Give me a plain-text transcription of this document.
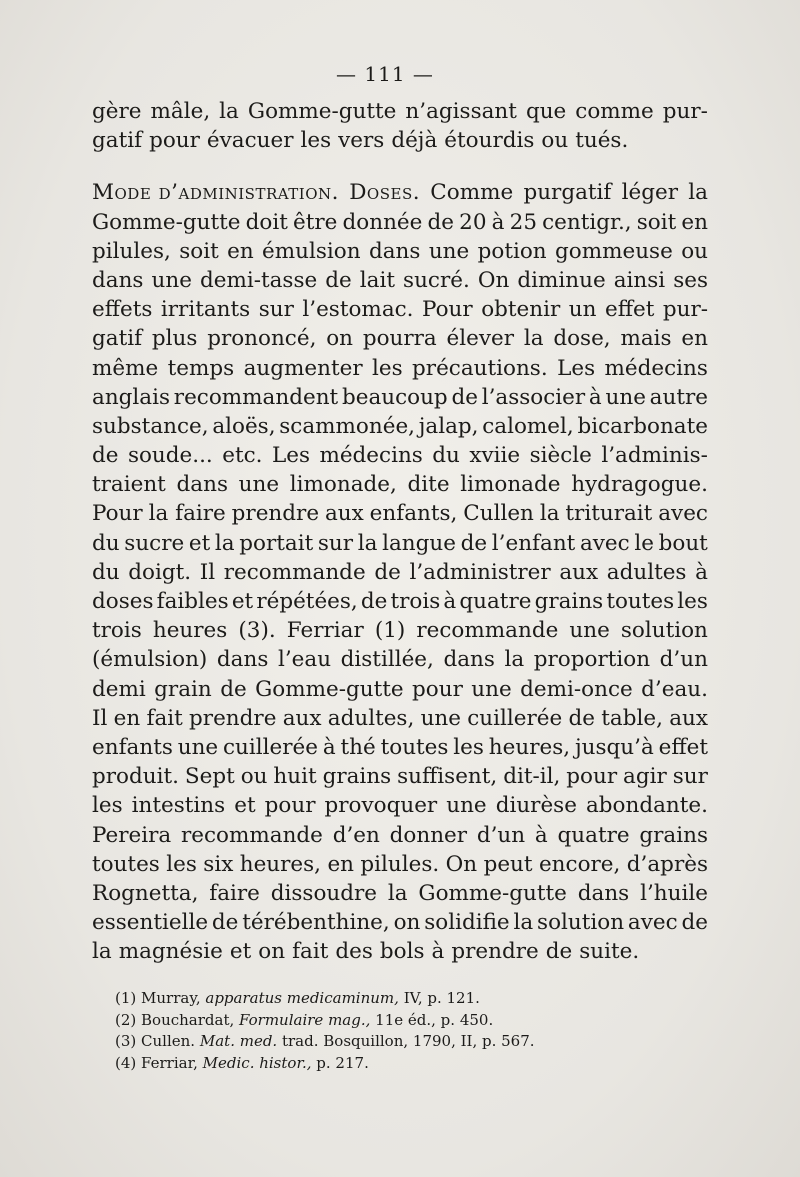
— 111 —
gère mâle, la Gomme-gutte n’agissant que comme pur-
gatif pour évacuer les vers déjà étourdis ou tués.
Mode d’administration. Doses. Comme purgatif léger la
Gomme-gutte doit être donnée de 20 à 25 centigr., soit en
pilules, soit en émulsion dans une potion gommeuse ou
dans une demi-tasse de lait sucré. On diminue ainsi ses
effets irritants sur l’estomac. Pour obtenir un effet pur-
gatif plus prononcé, on pourra élever la dose, mais en
même temps augmenter les précautions. Les médecins
anglais recommandent beaucoup de l’associer à une autre
substance, aloës, scammonée, jalap, calomel, bicarbonate
de soude... etc. Les médecins du xviie siècle l’adminis-
traient dans une limonade, dite limonade hydragogue.
Pour la faire prendre aux enfants, Cullen la triturait avec
du sucre et la portait sur la langue de l’enfant avec le bout
du doigt. Il recommande de l’administrer aux adultes à
doses faibles et répétées, de trois à quatre grains toutes les
trois heures (3). Ferriar (1) recommande une solution
(émulsion) dans l’eau distillée, dans la proportion d’un
demi grain de Gomme-gutte pour une demi-once d’eau.
Il en fait prendre aux adultes, une cuillerée de table, aux
enfants une cuillerée à thé toutes les heures, jusqu’à effet
produit. Sept ou huit grains suffisent, dit-il, pour agir sur
les intestins et pour provoquer une diurèse abondante.
Pereira recommande d’en donner d’un à quatre grains
toutes les six heures, en pilules. On peut encore, d’après
Rognetta, faire dissoudre la Gomme-gutte dans l’huile
essentielle de térébenthine, on solidifie la solution avec de
la magnésie et on fait des bols à prendre de suite.
(1) Murray, apparatus medicaminum, IV, p. 121.
(2) Bouchardat, Formulaire mag., 11e éd., p. 450.
(3) Cullen. Mat. med. trad. Bosquillon, 1790, II, p. 567.
(4) Ferriar, Medic. histor., p. 217.
